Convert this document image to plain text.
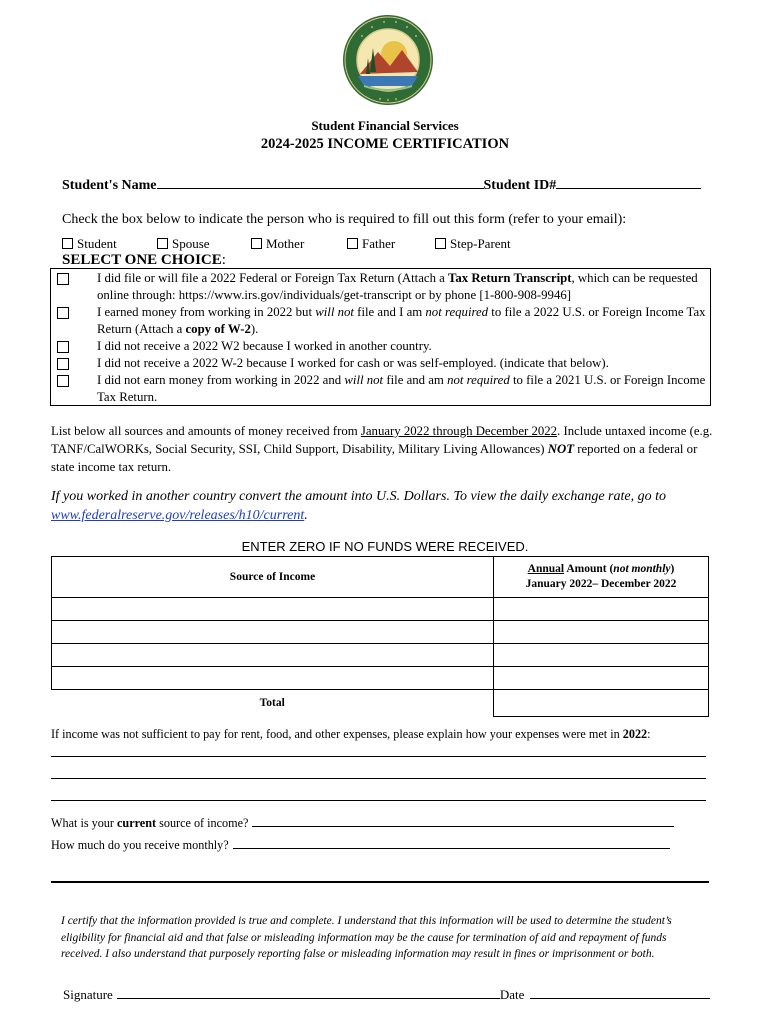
Student Financial Services
2024-2025 INCOME CERTIFICATION
Student's Name	Student ID#
Check the box below to indicate the person who is required to fill out this form (refer to your email):
Student	Spouse	Mother	Father	Step-Parent
SELECT ONE CHOICE:
I did file or will file a 2022 Federal or Foreign Tax Return (Attach a Tax Return Transcript, which can be requested online through: https://www.irs.gov/individuals/get-transcript or by phone [1-800-908-9946]
I earned money from working in 2022 but will not file and I am not required to file a 2022 U.S. or Foreign Income Tax Return (Attach a copy of W-2).
I did not receive a 2022 W2 because I worked in another country.
I did not receive a 2022 W-2 because I worked for cash or was self-employed. (indicate that below).
I did not earn money from working in 2022 and will not file and am not required to file a 2021 U.S. or Foreign Income Tax Return.
List below all sources and amounts of money received from January 2022 through December 2022. Include untaxed income (e.g. TANF/CalWORKs, Social Security, SSI, Child Support, Disability, Military Living Allowances) NOT reported on a federal or state income tax return.
If you worked in another country convert the amount into U.S. Dollars. To view the daily exchange rate, go to www.federalreserve.gov/releases/h10/current.
ENTER ZERO IF NO FUNDS WERE RECEIVED.
Source of Income	Annual Amount (not monthly)
January 2022– December 2022

Total	
If income was not sufficient to pay for rent, food, and other expenses, please explain how your expenses were met in 2022:
What is your current source of income?
How much do you receive monthly?
I certify that the information provided is true and complete. I understand that this information will be used to determine the student’s eligibility for financial aid and that false or misleading information may be the cause for termination of aid and repayment of funds received. I also understand that purposely reporting false or misleading information may result in fines or imprisonment or both.
Signature	Date
